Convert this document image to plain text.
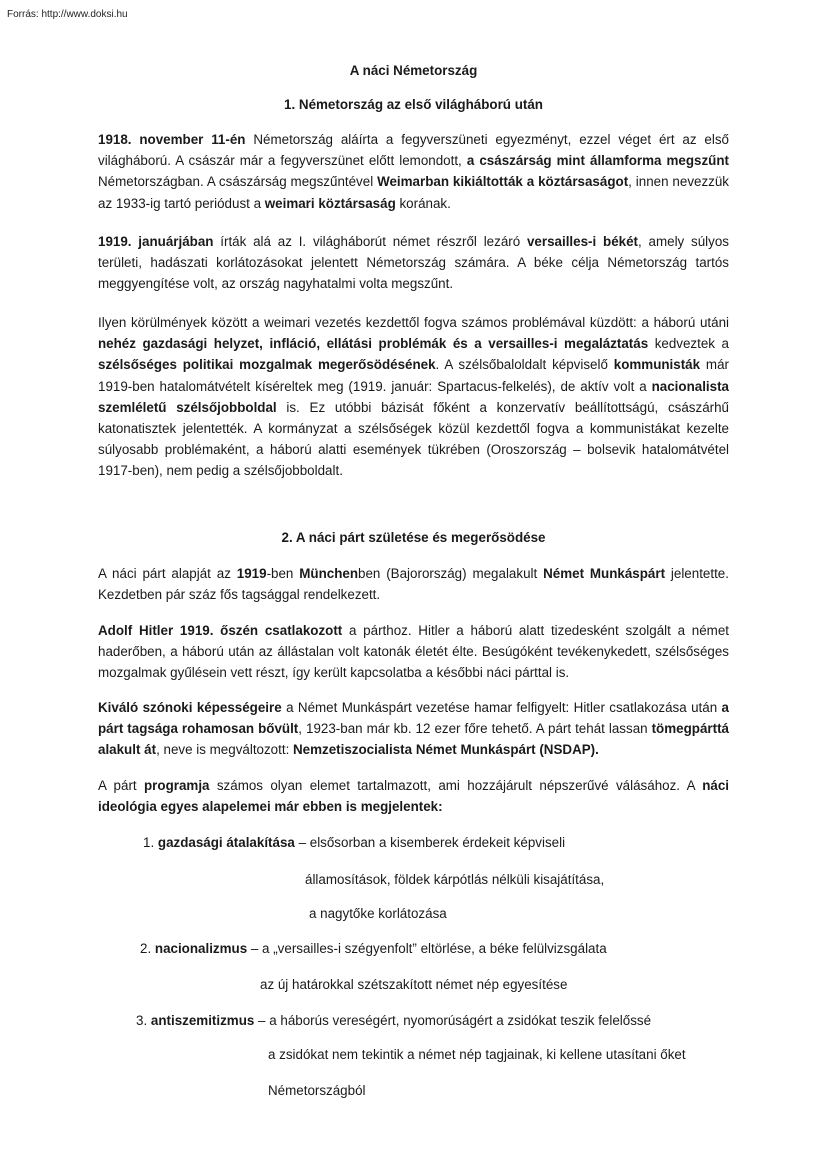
Forrás: http://www.doksi.hu
A náci Németország
1. Németország az első világháború után
1918. november 11-én Németország aláírta a fegyverszüneti egyezményt, ezzel véget ért az első világháború. A császár már a fegyverszünet előtt lemondott, a császárság mint államforma megszűnt Németországban. A császárság megszűntével Weimarban kikiáltották a köztársaságot, innen nevezzük az 1933-ig tartó periódust a weimari köztársaság korának.
1919. januárjában írták alá az I. világháborút német részről lezáró versailles-i békét, amely súlyos területi, hadászati korlátozásokat jelentett Németország számára. A béke célja Németország tartós meggyengítése volt, az ország nagyhatalmi volta megszűnt.
Ilyen körülmények között a weimari vezetés kezdettől fogva számos problémával küzdött: a háború utáni nehéz gazdasági helyzet, infláció, ellátási problémák és a versailles-i megaláztatás kedveztek a szélsőséges politikai mozgalmak megerősödésének. A szélsőbaloldalt képviselő kommunisták már 1919-ben hatalomátvételt kíséreltek meg (1919. január: Spartacus-felkelés), de aktív volt a nacionalista szemléletű szélsőjobboldal is. Ez utóbbi bázisát főként a konzervatív beállítottságú, császárhű katonatisztek jelentették. A kormányzat a szélsőségek közül kezdettől fogva a kommunistákat kezelte súlyosabb problémaként, a háború alatti események tükrében (Oroszország – bolsevik hatalomátvétel 1917-ben), nem pedig a szélsőjobboldalt.
2. A náci párt születése és megerősödése
A náci párt alapját az 1919-ben Münchenben (Bajorország) megalakult Német Munkáspárt jelentette. Kezdetben pár száz fős tagsággal rendelkezett.
Adolf Hitler 1919. őszén csatlakozott a párthoz. Hitler a háború alatt tizedesként szolgált a német haderőben, a háború után az állástalan volt katonák életét élte. Besúgóként tevékenykedett, szélsőséges mozgalmak gyűlésein vett részt, így került kapcsolatba a későbbi náci párttal is.
Kiváló szónoki képességeire a Német Munkáspárt vezetése hamar felfigyelt: Hitler csatlakozása után a párt tagsága rohamosan bővült, 1923-ban már kb. 12 ezer főre tehető. A párt tehát lassan tömegpárttá alakult át, neve is megváltozott: Nemzetiszocialista Német Munkáspárt (NSDAP).
A párt programja számos olyan elemet tartalmazott, ami hozzájárult népszerűvé válásához. A náci ideológia egyes alapelemei már ebben is megjelentek:
1. gazdasági átalakítása – elsősorban a kisemberek érdekeit képviseli
államosítások, földek kárpótlás nélküli kisajátítása,
a nagytőke korlátozása
2. nacionalizmus – a „versailles-i szégyenfolt” eltörlése, a béke felülvizsgálata
az új határokkal szétszakított német nép egyesítése
3. antiszemitizmus – a háborús vereségért, nyomorúságért a zsidókat teszik felelőssé
a zsidókat nem tekintik a német nép tagjainak, ki kellene utasítani őket
Németországból
